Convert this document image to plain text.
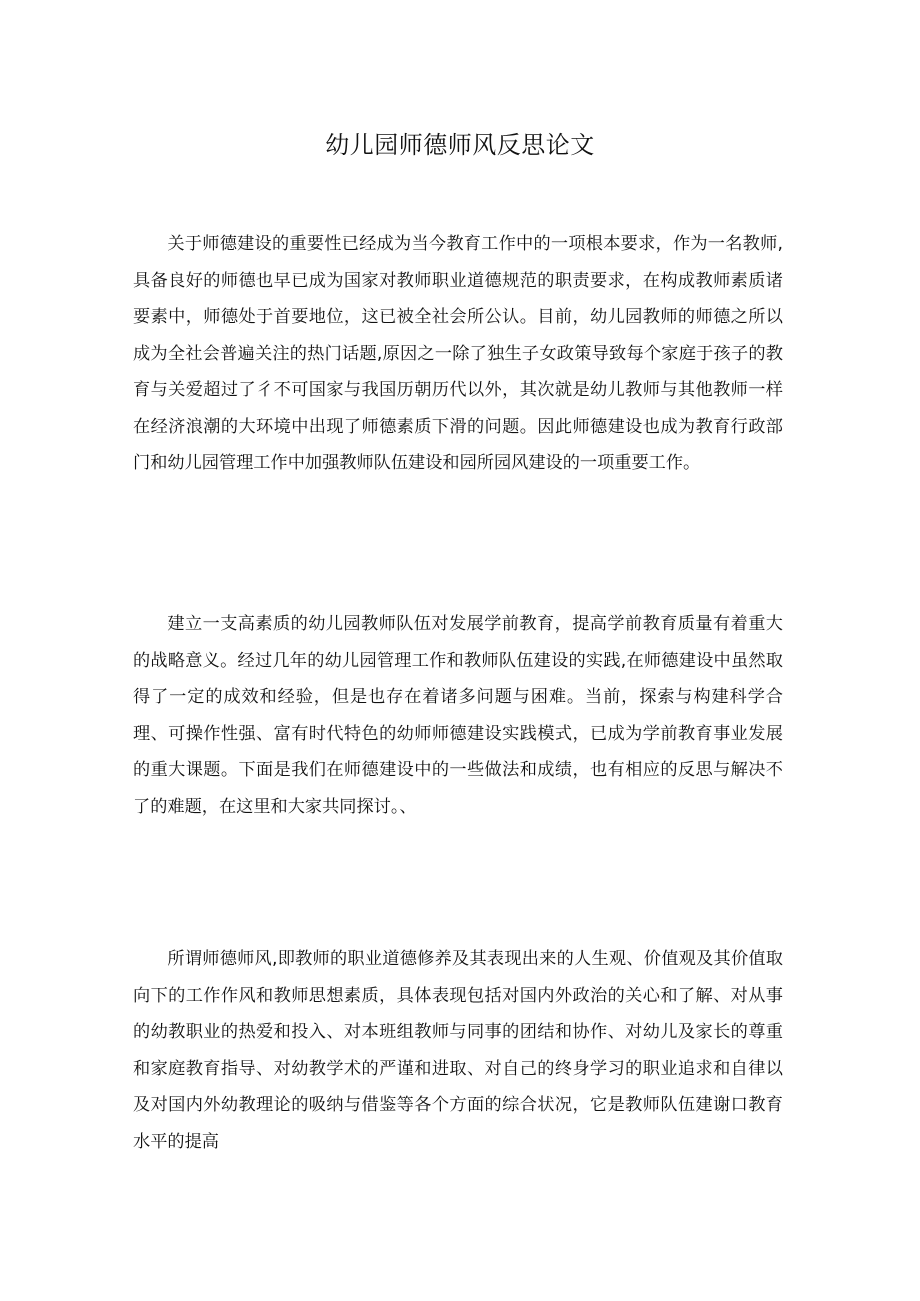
幼儿园师德师风反思论文

关于师德建设的重要性已经成为当今教育工作中的一项根本要求，作为一名教师,具备良好的师德也早已成为国家对教师职业道德规范的职责要求，在构成教师素质诸要素中，师德处于首要地位，这已被全社会所公认。目前，幼儿园教师的师德之所以成为全社会普遍关注的热门话题,原因之一除了独生子女政策导致每个家庭于孩子的教育与关爱超过了彳不可国家与我国历朝历代以外，其次就是幼儿教师与其他教师一样在经济浪潮的大环境中出现了师德素质下滑的问题。因此师德建设也成为教育行政部门和幼儿园管理工作中加强教师队伍建设和园所园风建设的一项重要工作。

建立一支高素质的幼儿园教师队伍对发展学前教育，提高学前教育质量有着重大的战略意义。经过几年的幼儿园管理工作和教师队伍建设的实践,在师德建设中虽然取得了一定的成效和经验，但是也存在着诸多问题与困难。当前，探索与构建科学合理、可操作性强、富有时代特色的幼师师德建设实践模式，已成为学前教育事业发展的重大课题。下面是我们在师德建设中的一些做法和成绩，也有相应的反思与解决不了的难题，在这里和大家共同探讨。、

所谓师德师风,即教师的职业道德修养及其表现出来的人生观、价值观及其价值取向下的工作作风和教师思想素质，具体表现包括对国内外政治的关心和了解、对从事的幼教职业的热爱和投入、对本班组教师与同事的团结和协作、对幼儿及家长的尊重和家庭教育指导、对幼教学术的严谨和进取、对自己的终身学习的职业追求和自律以及对国内外幼教理论的吸纳与借鉴等各个方面的综合状况，它是教师队伍建谢口教育水平的提高
